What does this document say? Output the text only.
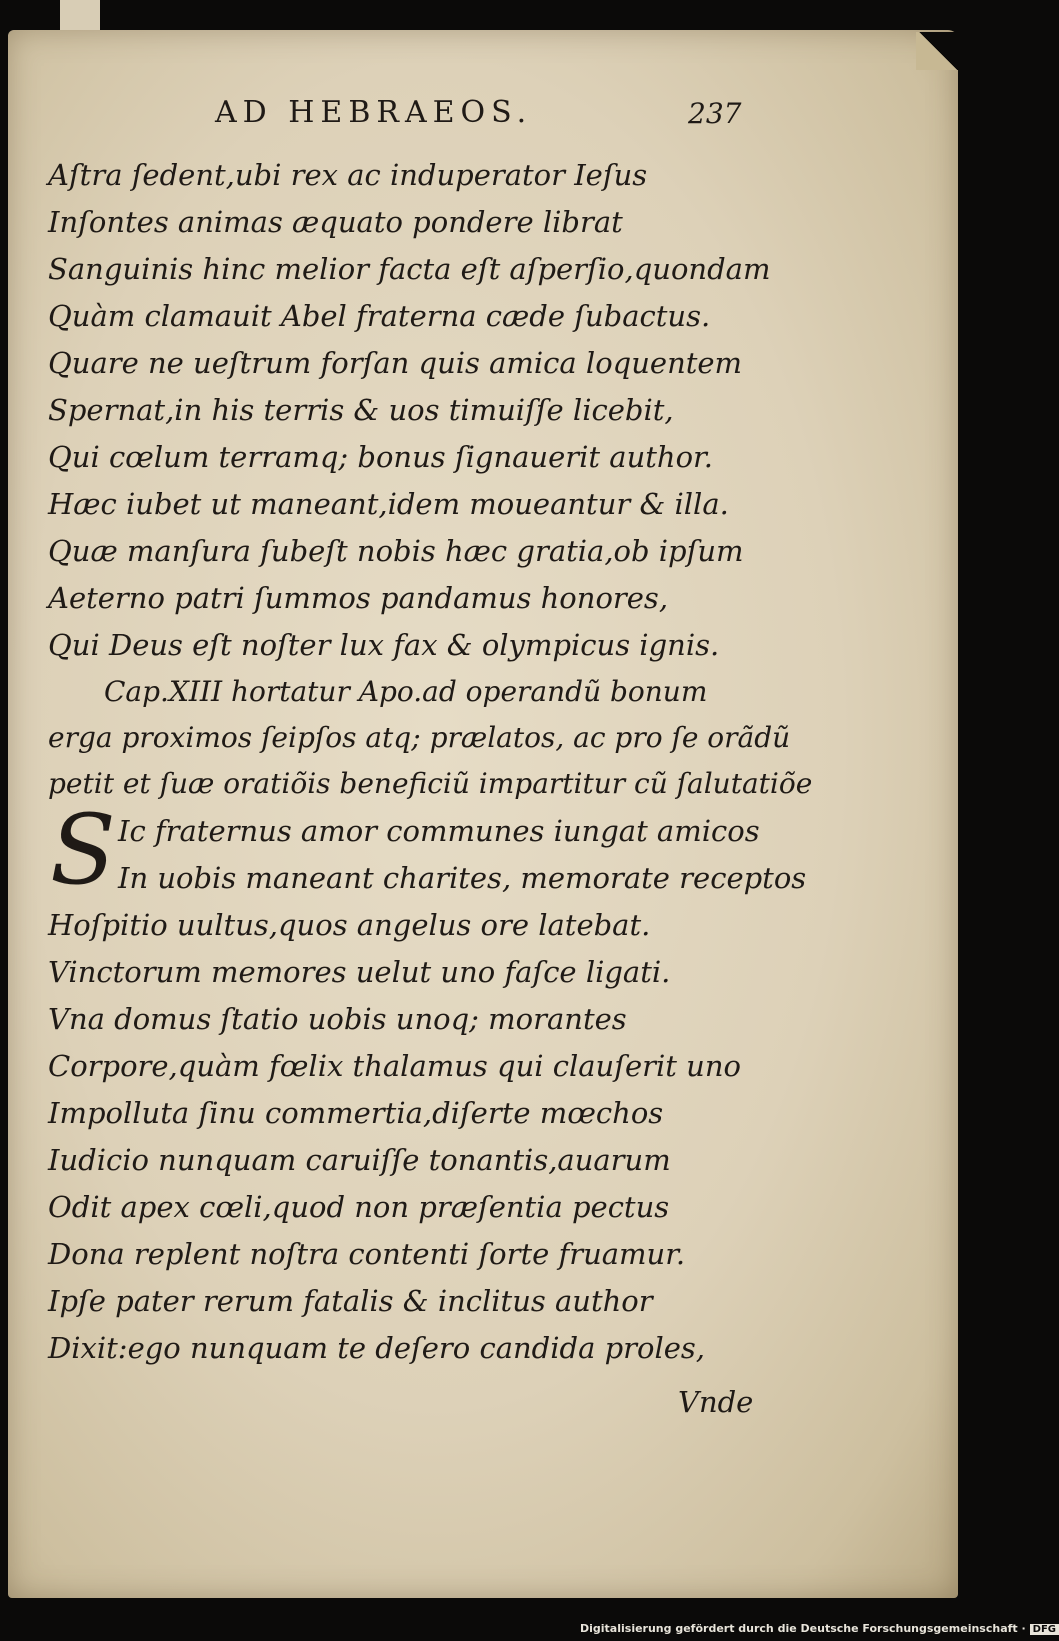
AD HEBRAEOS.	237
Aſtra ſedent,ubi rex ac induperator Ieſus
Inſontes animas æquato pondere librat
Sanguinis hinc melior facta eſt aſperſio,quondam
Quàm clamauit Abel fraterna cæde ſubactus.
Quare ne ueſtrum forſan quis amica loquentem
Spernat,in his terris & uos timuiſſe licebit,
Qui cœlum terramq; bonus ſignauerit author.
Hæc iubet ut maneant,idem moueantur & illa.
Quæ manſura ſubeſt nobis hæc gratia,ob ipſum
Aeterno patri ſummos pandamus honores,
Qui Deus eſt noſter lux fax & olympicus ignis.
Cap.XIII hortatur Apo.ad operandũ bonum
erga proximos ſeipſos atq; prælatos, ac pro ſe orãdũ
petit et ſuæ oratiõis beneficiũ impartitur cũ ſalutatiõe
S Ic fraternus amor communes iungat amicos
In uobis maneant charites, memorate receptos
Hoſpitio uultus,quos angelus ore latebat.
Vinctorum memores uelut uno faſce ligati.
Vna domus ſtatio uobis unoq; morantes
Corpore,quàm fœlix thalamus qui clauſerit uno
Impolluta ſinu commertia,diſerte mœchos
Iudicio nunquam caruiſſe tonantis,auarum
Odit apex cœli,quod non præſentia pectus
Dona replent noſtra contenti ſorte fruamur.
Ipſe pater rerum fatalis & inclitus author
Dixit:ego nunquam te deſero candida proles,
Vnde
Digitalisierung gefördert durch die Deutsche Forschungsgemeinschaft · DFG
